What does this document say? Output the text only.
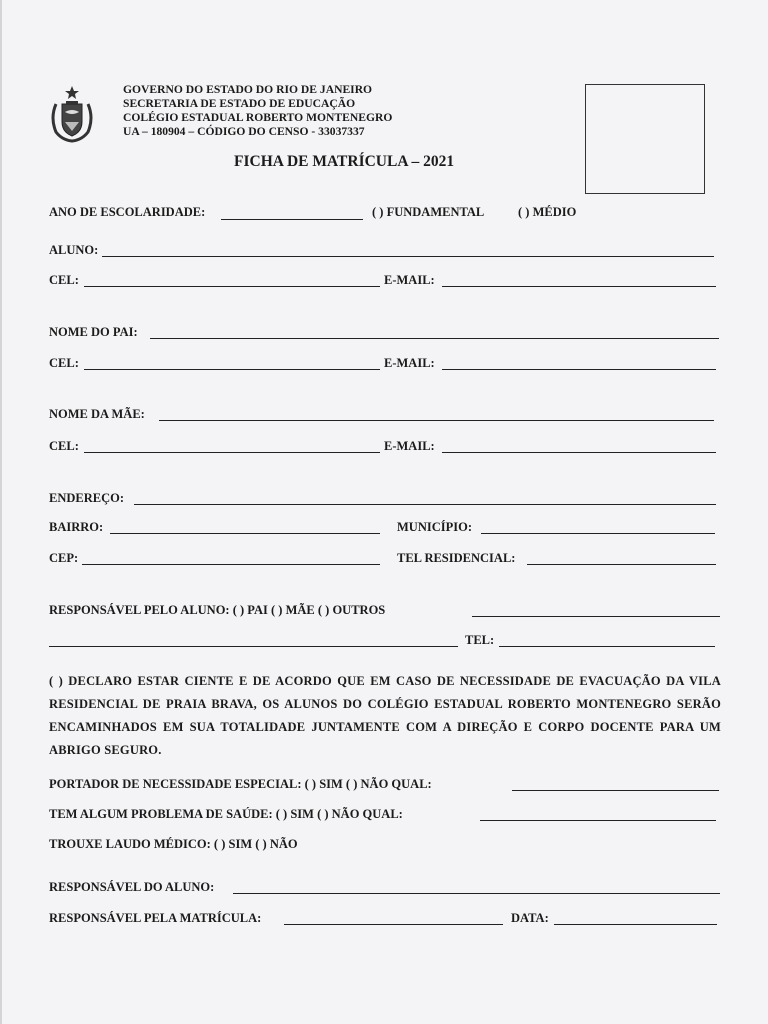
GOVERNO DO ESTADO DO RIO DE JANEIRO
SECRETARIA DE ESTADO DE EDUCAÇÃO
COLÉGIO ESTADUAL ROBERTO MONTENEGRO
UA – 180904 – CÓDIGO DO CENSO - 33037337
FICHA DE MATRÍCULA – 2021
ANO DE ESCOLARIDADE:	( ) FUNDAMENTAL	( ) MÉDIO
ALUNO:
CEL:	E-MAIL:
NOME DO PAI:
CEL:	E-MAIL:
NOME DA MÃE:
CEL:	E-MAIL:
ENDEREÇO:
BAIRRO:	MUNICÍPIO:
CEP:	TEL RESIDENCIAL:
RESPONSÁVEL PELO ALUNO: ( ) PAI ( ) MÃE ( ) OUTROS
TEL:
( ) DECLARO ESTAR CIENTE E DE ACORDO QUE EM CASO DE NECESSIDADE DE EVACUAÇÃO DA VILA RESIDENCIAL DE PRAIA BRAVA, OS ALUNOS DO COLÉGIO ESTADUAL ROBERTO MONTENEGRO SERÃO ENCAMINHADOS EM SUA TOTALIDADE JUNTAMENTE COM A DIREÇÃO E CORPO DOCENTE PARA UM ABRIGO SEGURO.
PORTADOR DE NECESSIDADE ESPECIAL: ( ) SIM ( ) NÃO QUAL:
TEM ALGUM PROBLEMA DE SAÚDE: ( ) SIM ( ) NÃO QUAL:
TROUXE LAUDO MÉDICO: ( ) SIM ( ) NÃO
RESPONSÁVEL DO ALUNO:
RESPONSÁVEL PELA MATRÍCULA:	DATA:
